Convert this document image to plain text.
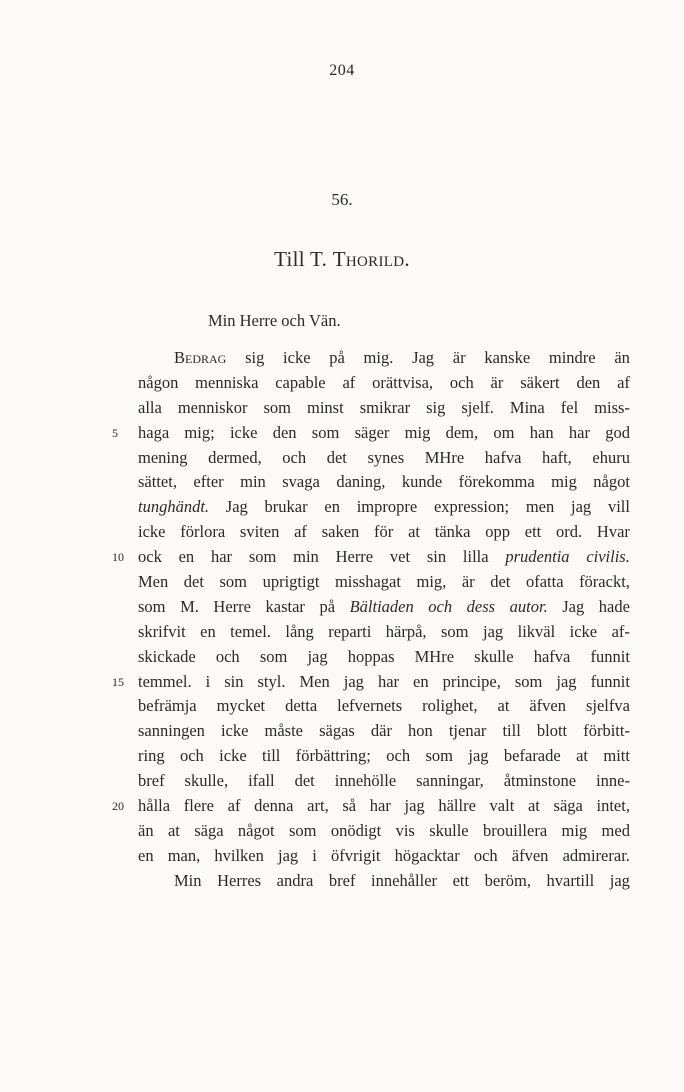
204
56.
Till T. Thorild.
Min Herre och Vän.
Bedrag sig icke på mig. Jag är kanske mindre än
någon menniska capable af orättvisa, och är säkert den af
alla menniskor som minst smikrar sig sjelf. Mina fel miss-
5	haga mig; icke den som säger mig dem, om han har god
mening dermed, och det synes MHre hafva haft, ehuru
sättet, efter min svaga daning, kunde förekomma mig något
tunghändt. Jag brukar en impropre expression; men jag vill
icke förlora sviten af saken för at tänka opp ett ord. Hvar
10 ock en har som min Herre vet sin lilla prudentia civilis.
Men det som uprigtigt misshagat mig, är det ofatta förackt,
som M. Herre kastar på Bältiaden och dess autor. Jag hade
skrifvit en temel. lång reparti härpå, som jag likväl icke af-
skickade och som jag hoppas MHre skulle hafva funnit
15 temmel. i sin styl. Men jag har en principe, som jag funnit
befrämja mycket detta lefvernets rolighet, at äfven sjelfva
sanningen icke måste sägas där hon tjenar till blott förbitt-
ring och icke till förbättring; och som jag befarade at mitt
bref skulle, ifall det innehölle sanningar, åtminstone inne-
20 hålla flere af denna art, så har jag hällre valt at säga intet,
än at säga något som onödigt vis skulle brouillera mig med
en man, hvilken jag i öfvrigit högacktar och äfven admirerar.
Min Herres andra bref innehåller ett beröm, hvartill jag
